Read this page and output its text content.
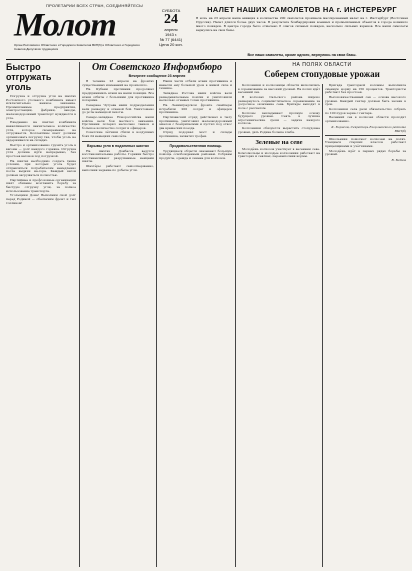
ПРОЛЕТАРИИ ВСЕХ СТРАН, СОЕДИНЯЙТЕСЬ!
Молот
Орган Ростовского Областного и Городского Комитетов ВКП(б) и Областного и Городского Советов Депутатов трудящихся
СУББОТА
24
апреля
1943 г.
№ 77 (6441)
Цена 20 коп.
НАЛЕТ НАШИХ САМОЛЕТОВ НА г. ИНСТЕРБУРГ
В ночь на 23 апреля наша авиация в количестве 200 самолетов произвела массированный налет на г. Инстербург (Восточная Пруссия). Налет длился более двух часов. В результате бомбардировки военных и промышленных объектов в городе возникло много пожаров. В центре города было отмечено 8 очагов сильных пожаров, несколько сильных взрывов. Все наши самолеты вернулись на свои базы.
Все наши самолеты, кроме одного, вернулись на свои базы.
Быстро отгружать уголь

Погрузка и отгрузка угля на шахтах Ростовского угольного комбината имеют исключительно важное значение. Промышленные предприятия, электростанции, фабрики, заводы, железнодорожный транспорт нуждаются в угле.

Ежедневно на шахтах комбината накапливается значительное количество угля, которое своевременно не отгружается. Коллективы шахт должны организовать погрузку так, чтобы уголь не задерживался на складах.

Быстро и организованно грузить уголь в вагоны — долг каждого горняка. Отгрузка угля должна идти непрерывно, без простоев вагонов под погрузкой.

На шахтах необходимо создать такие условия, при которых уголь будет отправляться потребителям немедленно после выдачи на-гора. Каждый вагон должен загружаться полностью.

Партийные и профсоюзные организации шахт обязаны возглавить борьбу за быструю отгрузку угля, за полное использование транспорта.

Угольщики Дона! Выполним свой долг перед Родиной — обеспечим фронт и тыл топливом!

От Советского Информбюро
Вечернее сообщение 23 апреля

В течение 23 апреля на фронтах существенных изменений не произошло.

На Кубани противник продолжал предпринимать атаки на наши позиции. Все атаки отбиты с большими для противника потерями.

Севернее Чугуева наши подразделения вели разведку и огневой бой. Уничтожено до роты немецкой пехоты.

Северо-западнее Новороссийска наши войска вели бои местного значения. Противник потерял несколько танков и большое количество солдат и офицеров.

Советские лётчики сбили в воздушных боях 24 немецких самолёта.

Взрывы угля в подземных шахтах

На шахтах Донбасса ведутся восстановительные работы. Горняки быстро восстанавливают разрушенные немцами шахты.

Шахтёры работают самоотверженно, выполняя задание по добыче угля.

Наши части отбили атаки противника и нанесли ему большой урон в живой силе и технике.

Западнее Ростова наши войска вели разведывательные поиски и уничтожили несколько огневых точек противника.

На Ленинградском фронте снайперы истребили 200 солдат и офицеров противника.

Партизанский отряд действовал в тылу противника, уничтожил железнодорожный эшелон с боеприпасами и пустил под откос два вражеских поезда.

Отряд подорвал мост и склады противника, захватил трофеи.

Продовольственная помощь

Трудящиеся области оказывают большую помощь освобождённым районам. Собраны продукты, одежда и семена для колхозов.

НА ПОЛЯХ ОБЛАСТИ
Соберем стопудовые урожаи

Колхозники и колхозницы области включились в соревнование за высокий урожай. На полях идёт весенний сев.

В колхозах Сальского района широко развернулось социалистическое соревнование за досрочное окончание сева. Бригады выходят в поле с рассветом.

Колхозы закладывают прочную основу будущего урожая. Сеять в лучшие агротехнические сроки — задача каждого колхоза.

Колхозники обязуются вырастить стопудовые урожаи, дать Родине больше хлеба.

Зеленые на севе

Молодёжь колхозов участвует в весеннем севе. Комсомольцы и молодые колхозники работают на тракторах и сеялках, перевыполняя нормы.

Бригада тракторной колонны выполнила сменную норму на 150 процентов. Трактористы работают без простоев.

Высококачественный сев — основа высокого урожая. Каждый гектар должен быть засеян в срок.

Колхозники села дали обязательство собрать по 100 пудов зерна с гектара.

Весенний сев в колхозах области проходит организованно.

К. Борисов, Секретарь Егорлыкского райкома ВКП(б)

Школьники помогают колхозам на полях. Учащиеся старших классов работают прицепщиками и учётчиками.

Молодёжь идёт в первых рядах борьбы за урожай.

В. Батов
